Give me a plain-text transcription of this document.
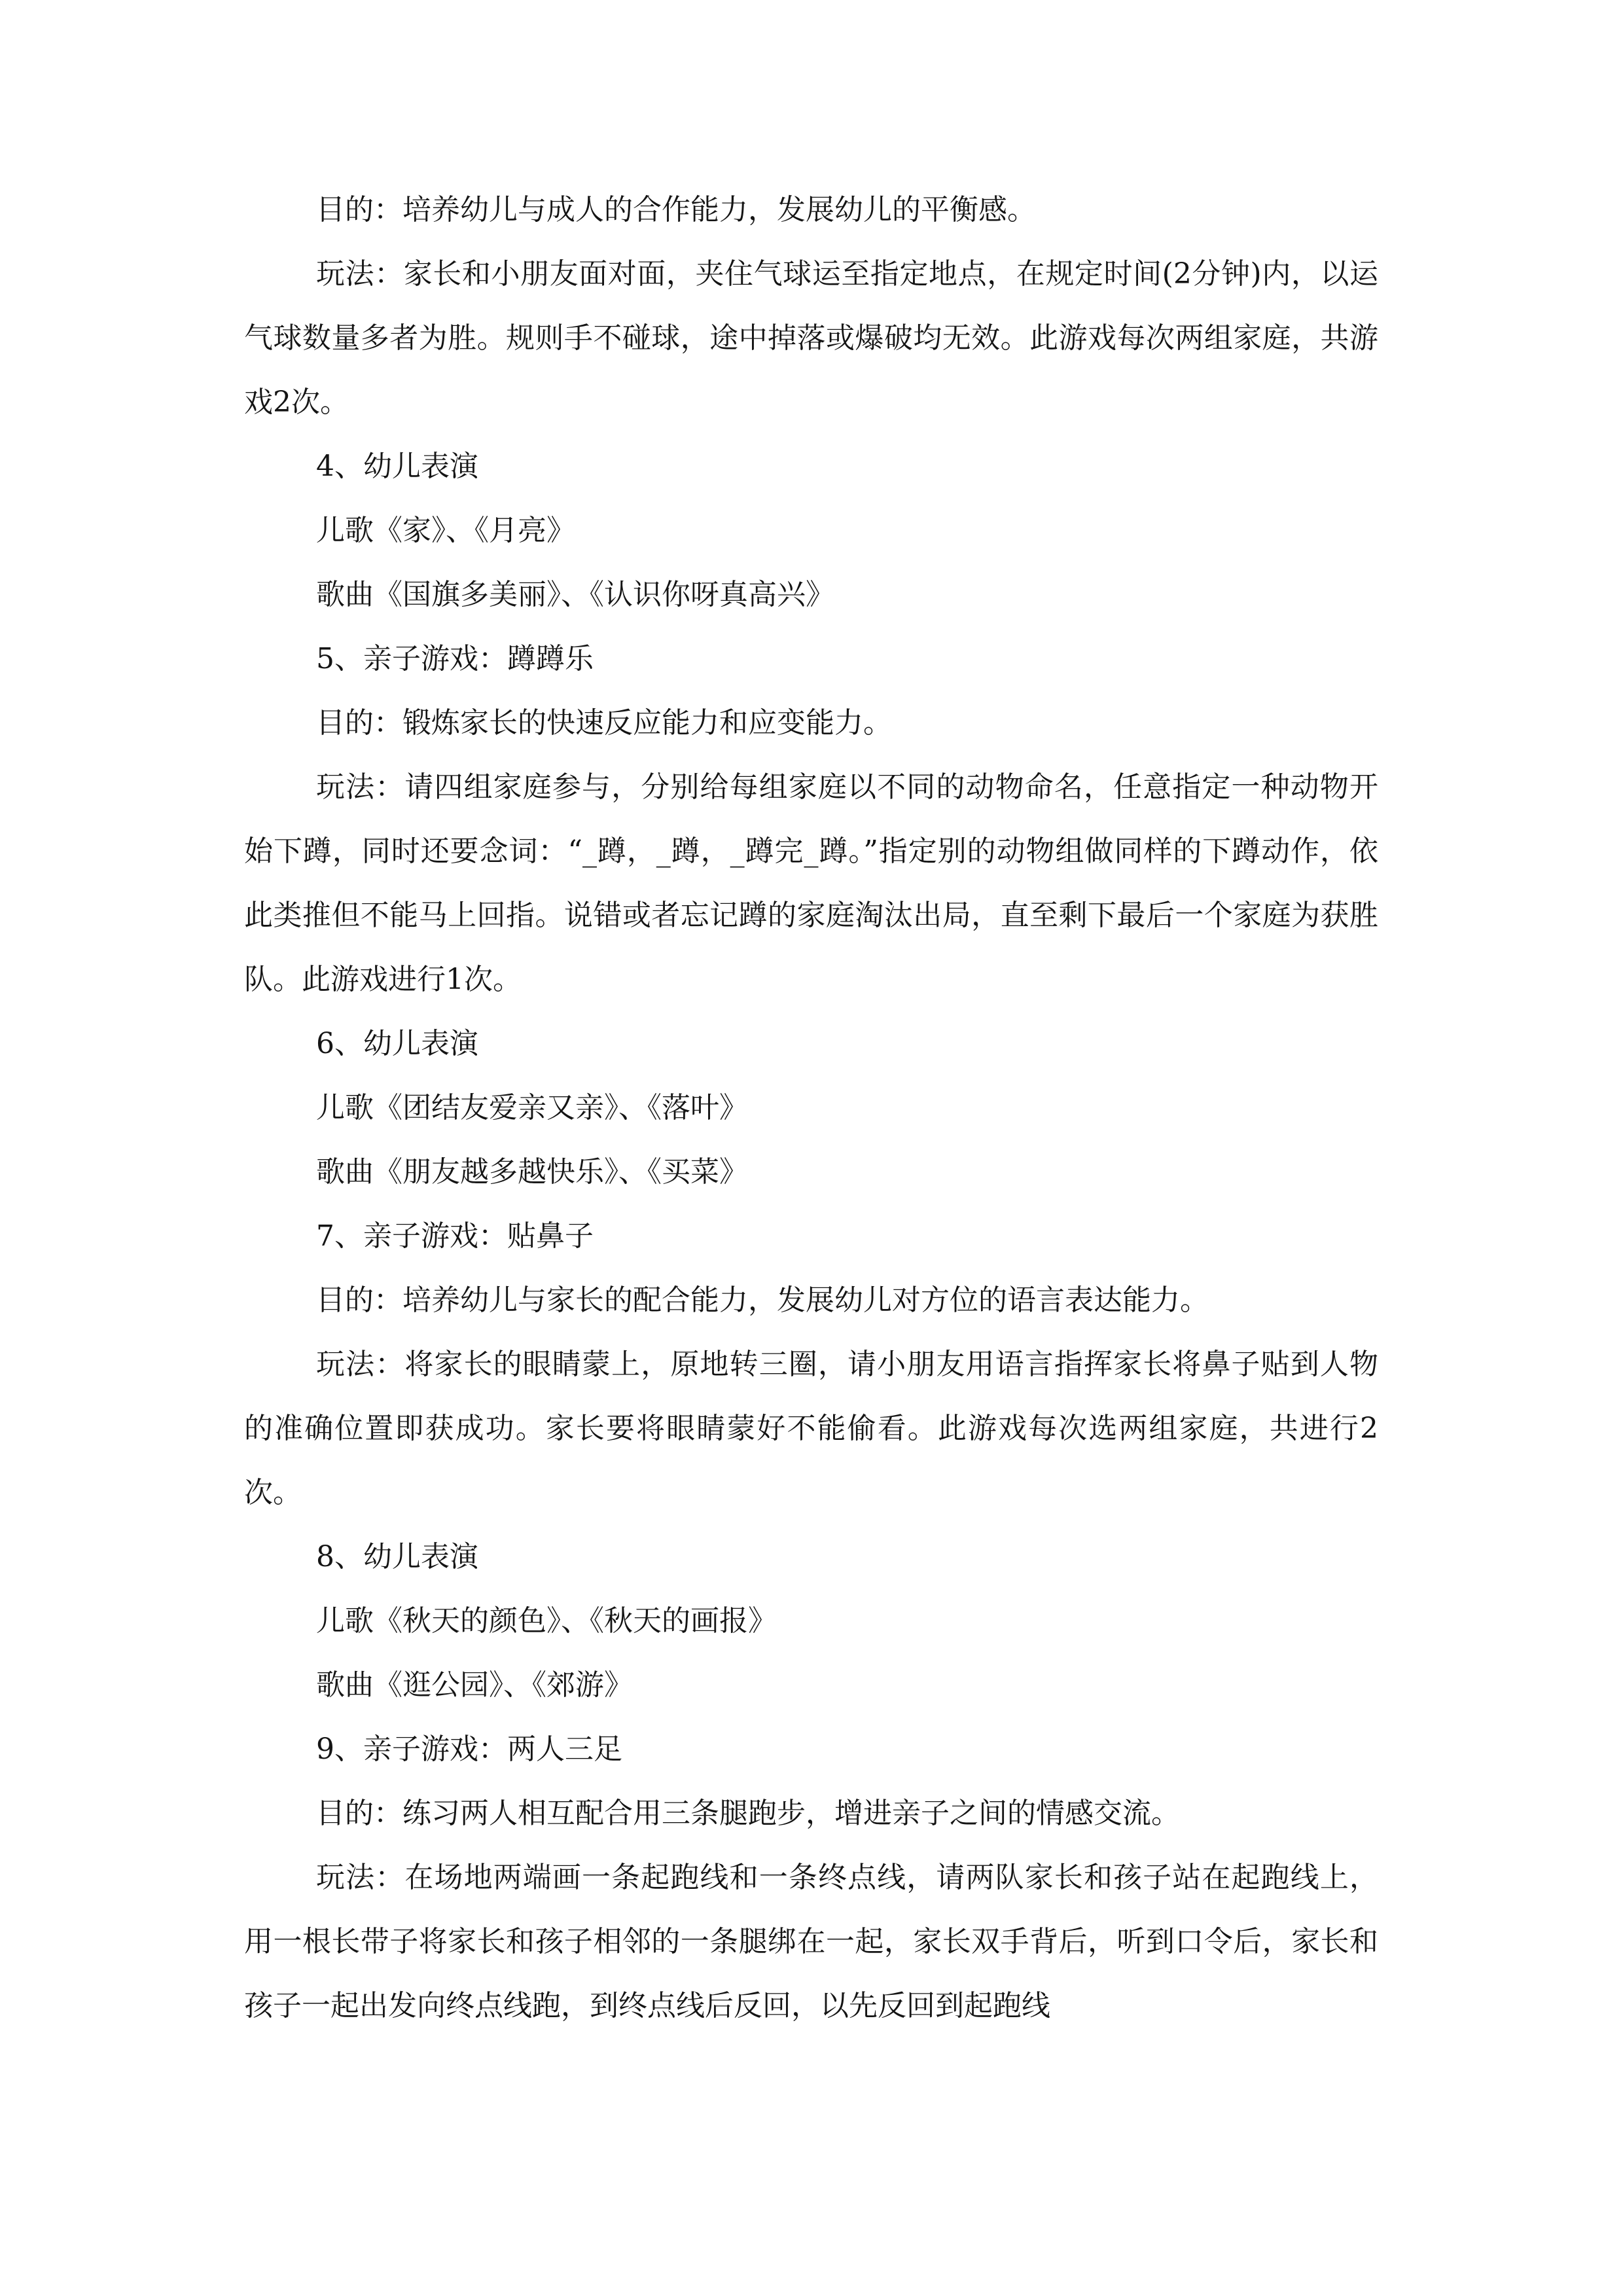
目的：培养幼儿与成人的合作能力，发展幼儿的平衡感。

玩法：家长和小朋友面对面，夹住气球运至指定地点，在规定时间(2分钟)内，以运气球数量多者为胜。规则手不碰球，途中掉落或爆破均无效。此游戏每次两组家庭，共游戏2次。

4、幼儿表演

儿歌《家》、《月亮》

歌曲《国旗多美丽》、《认识你呀真高兴》

5、亲子游戏：蹲蹲乐

目的：锻炼家长的快速反应能力和应变能力。

玩法：请四组家庭参与，分别给每组家庭以不同的动物命名，任意指定一种动物开始下蹲，同时还要念词：“_蹲，_蹲，_蹲完_蹲。”指定别的动物组做同样的下蹲动作，依此类推但不能马上回指。说错或者忘记蹲的家庭淘汰出局，直至剩下最后一个家庭为获胜队。此游戏进行1次。

6、幼儿表演

儿歌《团结友爱亲又亲》、《落叶》

歌曲《朋友越多越快乐》、《买菜》

7、亲子游戏：贴鼻子

目的：培养幼儿与家长的配合能力，发展幼儿对方位的语言表达能力。

玩法：将家长的眼睛蒙上，原地转三圈，请小朋友用语言指挥家长将鼻子贴到人物的准确位置即获成功。家长要将眼睛蒙好不能偷看。此游戏每次选两组家庭，共进行2次。

8、幼儿表演

儿歌《秋天的颜色》、《秋天的画报》

歌曲《逛公园》、《郊游》

9、亲子游戏：两人三足

目的：练习两人相互配合用三条腿跑步，增进亲子之间的情感交流。

玩法：在场地两端画一条起跑线和一条终点线，请两队家长和孩子站在起跑线上，用一根长带子将家长和孩子相邻的一条腿绑在一起，家长双手背后，听到口令后，家长和孩子一起出发向终点线跑，到终点线后反回，以先反回到起跑线
